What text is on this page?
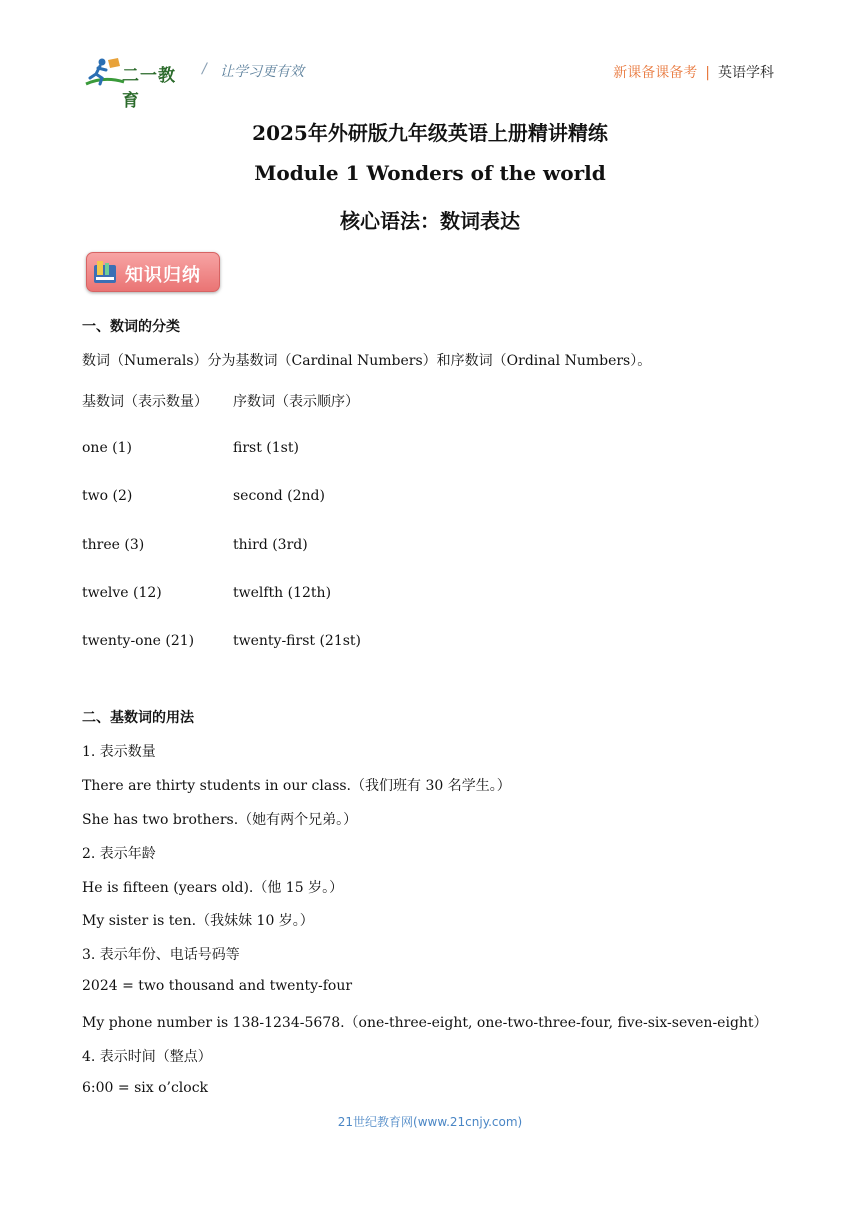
二一教育
/ 让学习更有效	新课备课备考 | 英语学科
2025年外研版九年级英语上册精讲精练
Module 1 Wonders of the world
核心语法：数词表达
知识归纳
一、数词的分类
数词（Numerals）分为基数词（Cardinal Numbers）和序数词（Ordinal Numbers）。
基数词（表示数量） 序数词（表示顺序）
one (1)	first (1st)
two (2)	second (2nd)
three (3)	third (3rd)
twelve (12)	twelfth (12th)
twenty-one (21)	twenty-first (21st)
二、基数词的用法
1. 表示数量
There are thirty students in our class.（我们班有 30 名学生。）
She has two brothers.（她有两个兄弟。）
2. 表示年龄
He is fifteen (years old).（他 15 岁。）
My sister is ten.（我妹妹 10 岁。）
3. 表示年份、电话号码等
2024 = two thousand and twenty-four
My phone number is 138-1234-5678.（one-three-eight, one-two-three-four, five-six-seven-eight）
4. 表示时间（整点）
6:00 = six o’clock
21世纪教育网(www.21cnjy.com)
